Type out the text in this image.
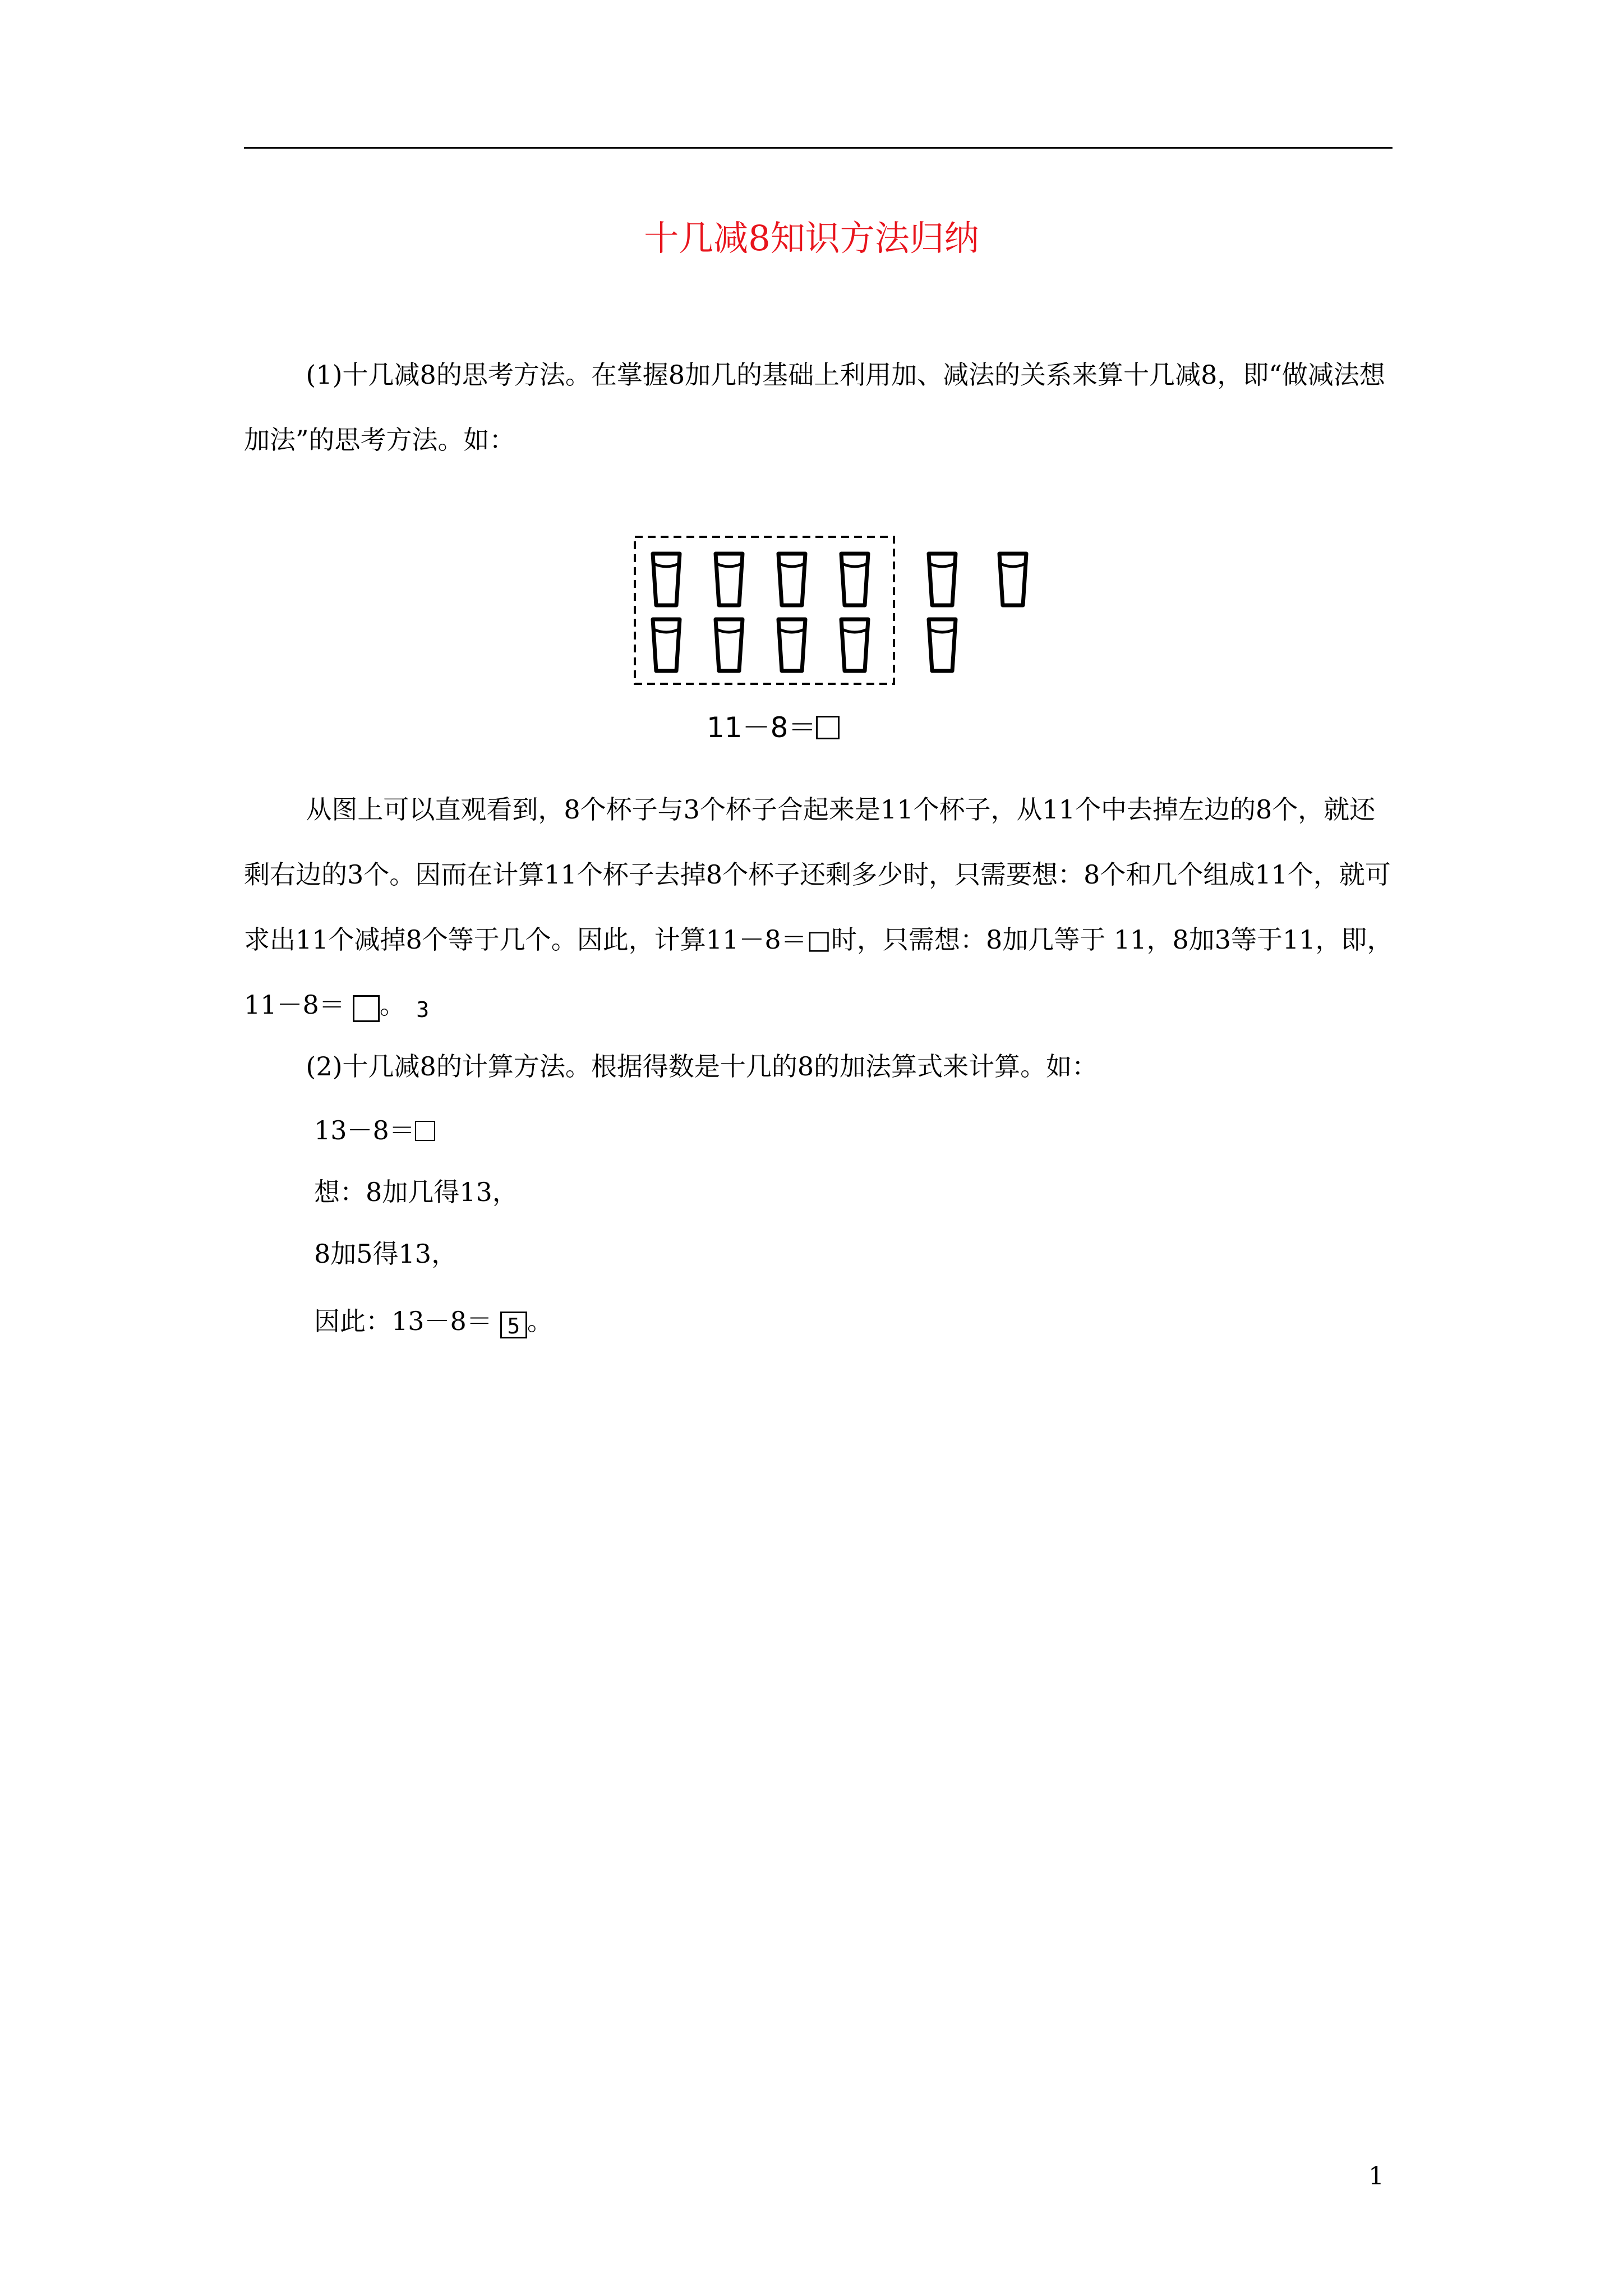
十几减8知识方法归纳
(1)十几减8的思考方法。在掌握8加几的基础上利用加、减法的关系来算十几减8，即“做减法想加法”的思考方法。如：
11－8＝
从图上可以直观看到，8个杯子与3个杯子合起来是11个杯子，从11个中去掉左边的8个，就还剩右边的3个。因而在计算11个杯子去掉8个杯子还剩多少时，只需要想：8个和几个组成11个，就可求出11个减掉8个等于几个。因此，计算11－8＝□时，只需想：8加几等于 11，8加3等于11，即，11－8＝	3。
(2)十几减8的计算方法。根据得数是十几的8的加法算式来计算。如：
13－8＝
想：8加几得13，
8加5得13，
因此：13－8＝ 5 。
1
